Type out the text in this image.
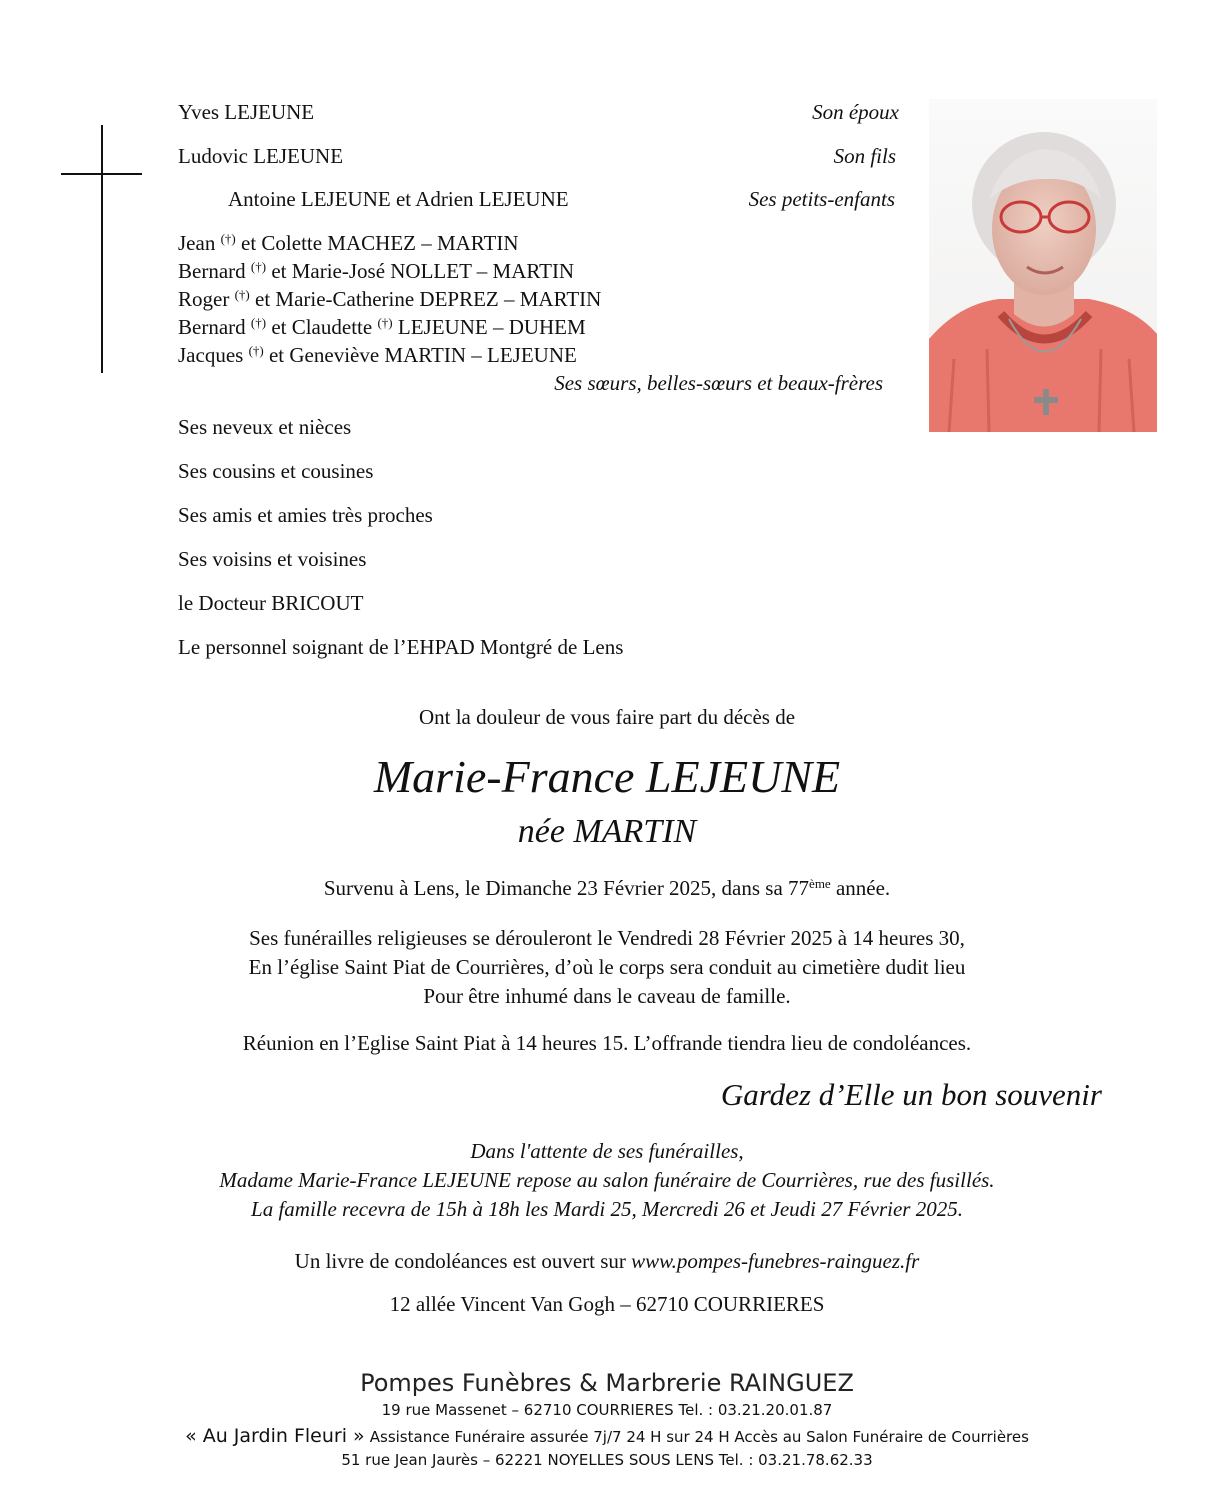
Yves LEJEUNE	Son époux
Ludovic LEJEUNE	Son fils
Antoine LEJEUNE et Adrien LEJEUNE	Ses petits-enfants
Jean (†) et Colette MACHEZ – MARTIN
Bernard (†) et Marie-José NOLLET – MARTIN
Roger (†) et Marie-Catherine DEPREZ – MARTIN
Bernard (†) et Claudette (†) LEJEUNE – DUHEM
Jacques (†) et Geneviève MARTIN – LEJEUNE
Ses sœurs, belles-sœurs et beaux-frères
Ses neveux et nièces
Ses cousins et cousines
Ses amis et amies très proches
Ses voisins et voisines
le Docteur BRICOUT
Le personnel soignant de l’EHPAD Montgré de Lens
Ont la douleur de vous faire part du décès de
Marie-France LEJEUNE
née MARTIN
Survenu à Lens, le Dimanche 23 Février 2025, dans sa 77ème année.
Ses funérailles religieuses se dérouleront le Vendredi 28 Février 2025 à 14 heures 30,
En l’église Saint Piat de Courrières, d’où le corps sera conduit au cimetière dudit lieu
Pour être inhumé dans le caveau de famille.
Réunion en l’Eglise Saint Piat à 14 heures 15. L’offrande tiendra lieu de condoléances.
Gardez d’Elle un bon souvenir
Dans l'attente de ses funérailles,
Madame Marie-France LEJEUNE repose au salon funéraire de Courrières, rue des fusillés.
La famille recevra de 15h à 18h les Mardi 25, Mercredi 26 et Jeudi 27 Février 2025.
Un livre de condoléances est ouvert sur www.pompes-funebres-rainguez.fr
12 allée Vincent Van Gogh – 62710 COURRIERES
Pompes Funèbres & Marbrerie RAINGUEZ
19 rue Massenet – 62710 COURRIERES Tel. : 03.21.20.01.87
« Au Jardin Fleuri » Assistance Funéraire assurée 7j/7 24 H sur 24 H Accès au Salon Funéraire de Courrières
51 rue Jean Jaurès – 62221 NOYELLES SOUS LENS Tel. : 03.21.78.62.33
